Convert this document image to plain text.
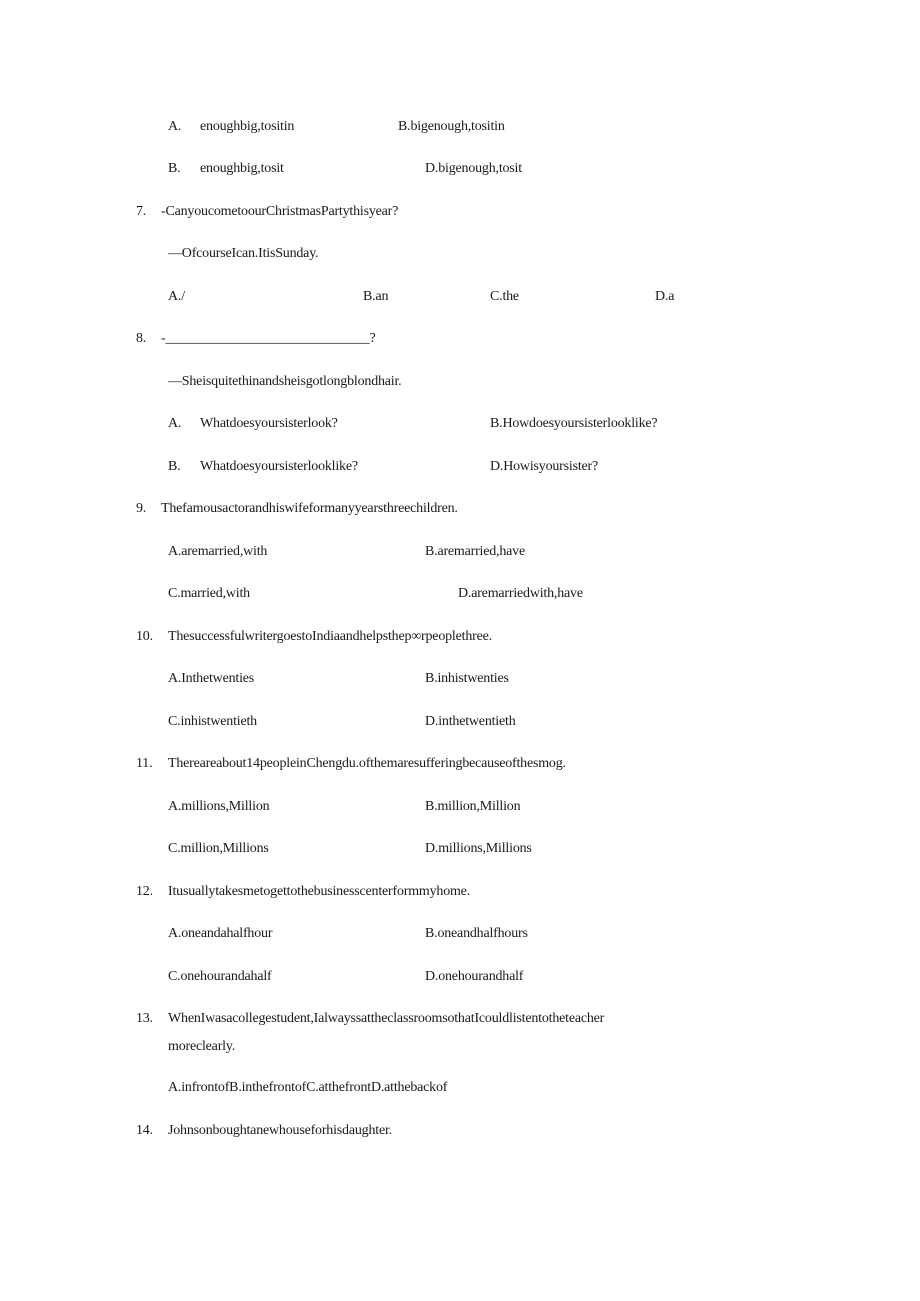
A. enoughbig,tositin	B.bigenough,tositin
B. enoughbig,tosit	D.bigenough,tosit
7. -CanyoucometoourChristmasPartythisyear?
—OfcourseIcan.ItisSunday.
A./	B.an	C.the	D.a
8. -______________________________?
—Sheisquitethinandsheisgotlongblondhair.
A. Whatdoesyoursisterlook?	B.Howdoesyoursisterlooklike?
B. Whatdoesyoursisterlooklike?	D.Howisyoursister?
9. Thefamousactorandhiswifeformanyyearsthreechildren.
A.aremarried,with	B.aremarried,have
C.married,with	D.aremarriedwith,have
10. ThesuccessfulwritergoestoIndiaandhelpsthep∞rpeoplethree.
A.Inthetwenties	B.inhistwenties
C.inhistwentieth	D.inthetwentieth
11. Thereareabout14peopleinChengdu.ofthemaresufferingbecauseofthesmog.
A.millions,Million	B.million,Million
C.million,Millions	D.millions,Millions
12. Itusuallytakesmetogettothebusinesscenterformmyhome.
A.oneandahalfhour	B.oneandhalfhours
C.onehourandahalf	D.onehourandhalf
13. WhenIwasacollegestudent,IalwayssattheclassroomsothatIcouldlistentotheteacher
moreclearly.
A.infrontofB.inthefrontofC.atthefrontD.atthebackof
14. Johnsonboughtanewhouseforhisdaughter.
